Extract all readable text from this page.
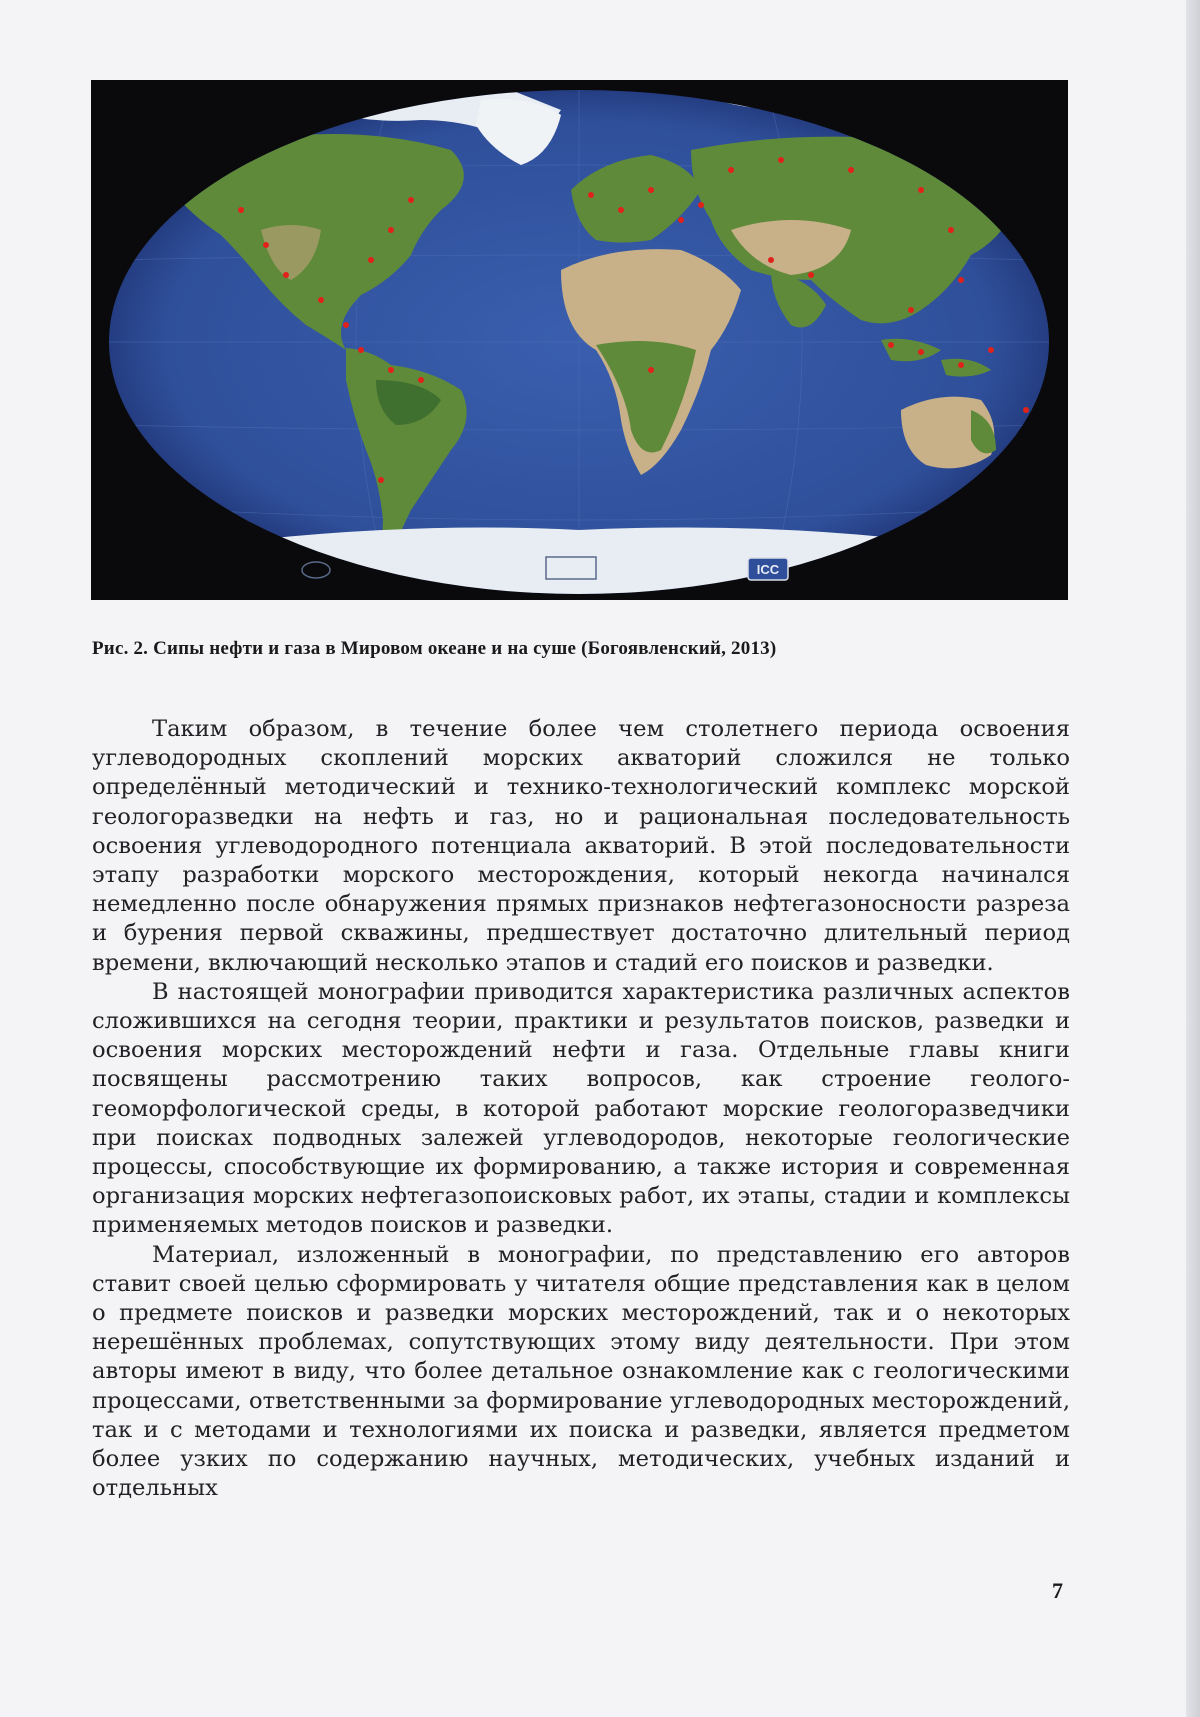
ICC
Рис. 2. Сипы нефти и газа в Мировом океане и на суше (Богоявленский, 2013)

Таким образом, в течение более чем столетнего периода освоения углеводородных скоплений морских акваторий сложился не только определённый методический и технико-технологический комплекс морской геологоразведки на нефть и газ, но и рациональная последовательность освоения углеводородного потенциала акваторий. В этой последовательности этапу разработки морского месторождения, который некогда начинался немедленно после обнаружения прямых признаков нефтегазоносности разреза и бурения первой скважины, предшествует достаточно длительный период времени, включающий несколько этапов и стадий его поисков и разведки.

В настоящей монографии приводится характеристика различных аспектов сложившихся на сегодня теории, практики и результатов поисков, разведки и освоения морских месторождений нефти и газа. Отдельные главы книги посвящены рассмотрению таких вопросов, как строение геолого-геоморфологической среды, в которой работают морские геологоразведчики при поисках подводных залежей углеводородов, некоторые геологические процессы, способствующие их формированию, а также история и современная организация морских нефтегазопоисковых работ, их этапы, стадии и комплексы применяемых методов поисков и разведки.

Материал, изложенный в монографии, по представлению его авторов ставит своей целью сформировать у читателя общие представления как в целом о предмете поисков и разведки морских месторождений, так и о некоторых нерешённых проблемах, сопутствующих этому виду деятельности. При этом авторы имеют в виду, что более детальное ознакомление как с геологическими процессами, ответственными за формирование углеводородных месторождений, так и с методами и технологиями их поиска и разведки, является предметом более узких по содержанию научных, методических, учебных изданий и отдельных

7
